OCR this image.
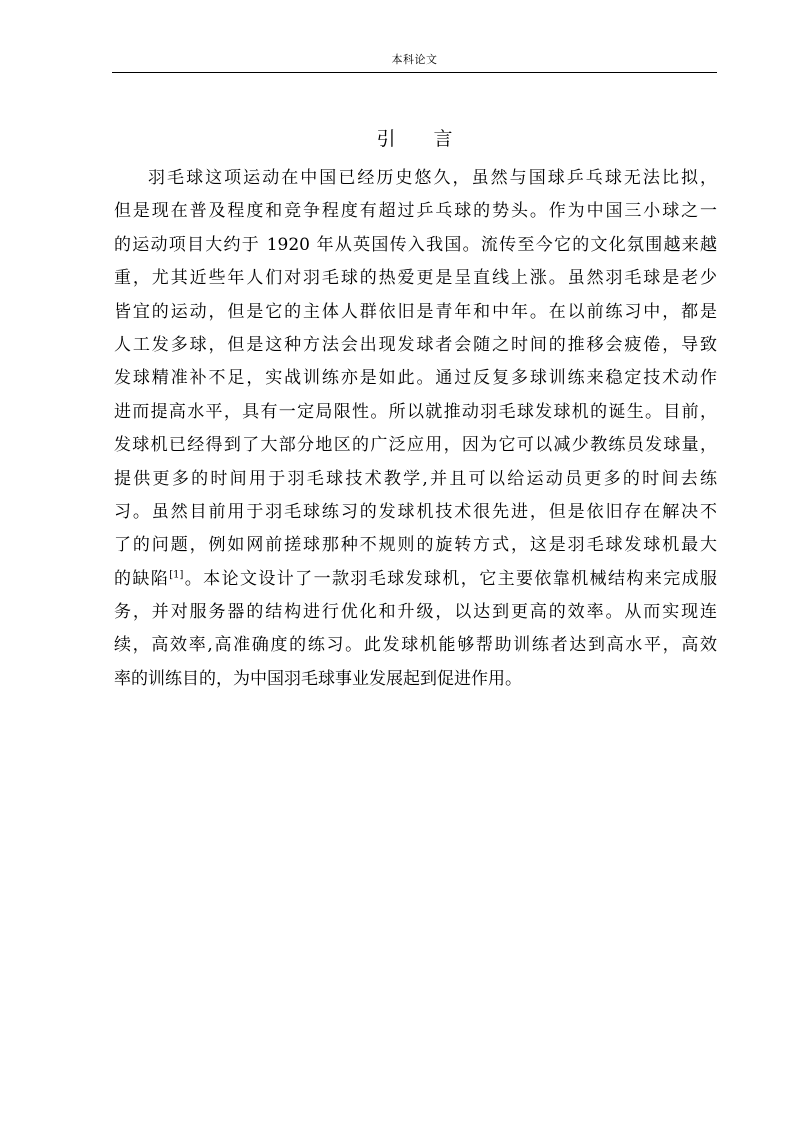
本科论文
引 言
羽毛球这项运动在中国已经历史悠久，虽然与国球乒乓球无法比拟，
但是现在普及程度和竞争程度有超过乒乓球的势头。作为中国三小球之一
的运动项目大约于 1920 年从英国传入我国。流传至今它的文化氛围越来越
重，尤其近些年人们对羽毛球的热爱更是呈直线上涨。虽然羽毛球是老少
皆宜的运动，但是它的主体人群依旧是青年和中年。在以前练习中，都是
人工发多球，但是这种方法会出现发球者会随之时间的推移会疲倦，导致
发球精准补不足，实战训练亦是如此。通过反复多球训练来稳定技术动作
进而提高水平，具有一定局限性。所以就推动羽毛球发球机的诞生。目前，
发球机已经得到了大部分地区的广泛应用，因为它可以减少教练员发球量，
提供更多的时间用于羽毛球技术教学,并且可以给运动员更多的时间去练
习。虽然目前用于羽毛球练习的发球机技术很先进，但是依旧存在解决不
了的问题，例如网前搓球那种不规则的旋转方式，这是羽毛球发球机最大
的缺陷[1]。本论文设计了一款羽毛球发球机，它主要依靠机械结构来完成服
务，并对服务器的结构进行优化和升级，以达到更高的效率。从而实现连
续，高效率,高准确度的练习。此发球机能够帮助训练者达到高水平，高效
率的训练目的，为中国羽毛球事业发展起到促进作用。
